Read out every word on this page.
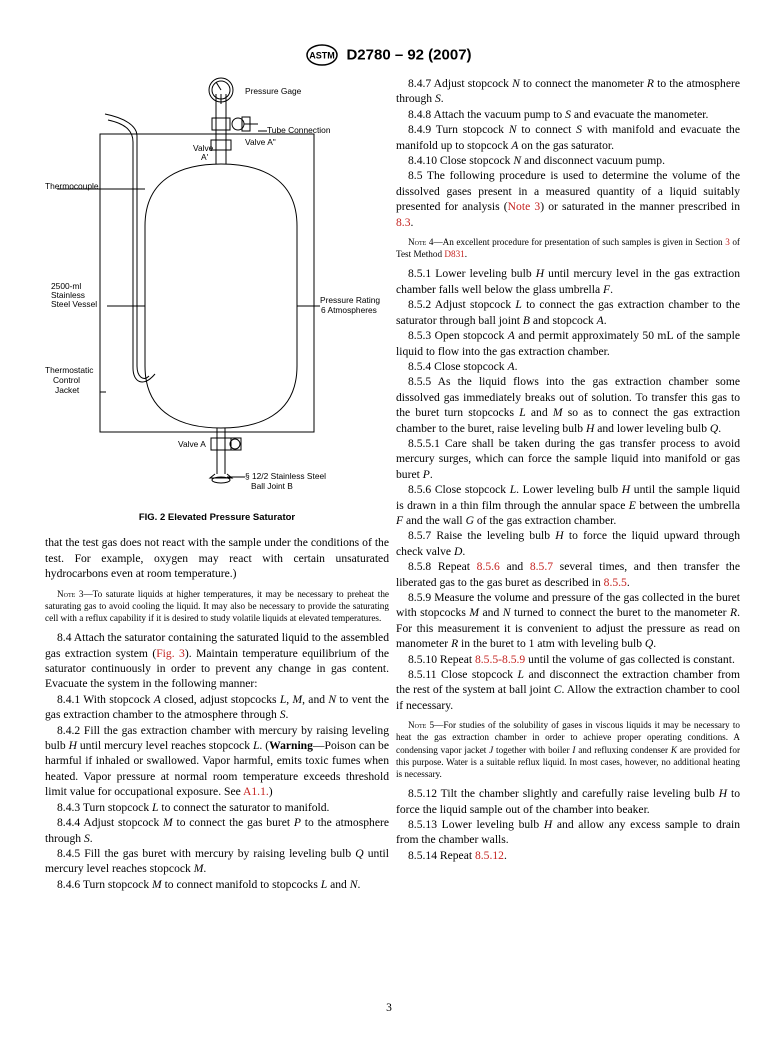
ASTM D2780 – 92 (2007)
Pressure Gage
Tube Connection
Valve A"
Valve
A'
Thermocouple
2500-ml
Stainless
Steel Vessel	Pressure Rating
6 Atmospheres
Thermostatic
Control
Jacket
Valve A
§ 12/2 Stainless Steel
Ball Joint B
FIG. 2 Elevated Pressure Saturator

that the test gas does not react with the sample under the conditions of the test. For example, oxygen may react with certain unsaturated hydrocarbons even at room temperature.)

Note 3—To saturate liquids at higher temperatures, it may be necessary to preheat the saturating gas to avoid cooling the liquid. It may also be necessary to provide the saturating cell with a reflux capability if it is desired to study volatile liquids at elevated temperatures.

8.4 Attach the saturator containing the saturated liquid to the assembled gas extraction system (Fig. 3). Maintain temperature equilibrium of the saturator continuously in order to prevent any change in gas content. Evacuate the system in the following manner:

8.4.1 With stopcock A closed, adjust stopcocks L, M, and N to vent the gas extraction chamber to the atmosphere through S.

8.4.2 Fill the gas extraction chamber with mercury by raising leveling bulb H until mercury level reaches stopcock L. (Warning—Poison can be harmful if inhaled or swallowed. Vapor harmful, emits toxic fumes when heated. Vapor pressure at normal room temperature exceeds threshold limit value for occupational exposure. See A1.1.)

8.4.3 Turn stopcock L to connect the saturator to manifold.

8.4.4 Adjust stopcock M to connect the gas buret P to the atmosphere through S.

8.4.5 Fill the gas buret with mercury by raising leveling bulb Q until mercury level reaches stopcock M.

8.4.6 Turn stopcock M to connect manifold to stopcocks L and N.

8.4.7 Adjust stopcock N to connect the manometer R to the atmosphere through S.

8.4.8 Attach the vacuum pump to S and evacuate the manometer.

8.4.9 Turn stopcock N to connect S with manifold and evacuate the manifold up to stopcock A on the gas saturator.

8.4.10 Close stopcock N and disconnect vacuum pump.

8.5 The following procedure is used to determine the volume of the dissolved gases present in a measured quantity of a liquid suitably presented for analysis (Note 3) or saturated in the manner prescribed in 8.3.

Note 4—An excellent procedure for presentation of such samples is given in Section 3 of Test Method D831.

8.5.1 Lower leveling bulb H until mercury level in the gas extraction chamber falls well below the glass umbrella F.

8.5.2 Adjust stopcock L to connect the gas extraction chamber to the saturator through ball joint B and stopcock A.

8.5.3 Open stopcock A and permit approximately 50 mL of the sample liquid to flow into the gas extraction chamber.

8.5.4 Close stopcock A.

8.5.5 As the liquid flows into the gas extraction chamber some dissolved gas immediately breaks out of solution. To transfer this gas to the buret turn stopcocks L and M so as to connect the gas extraction chamber to the buret, raise leveling bulb H and lower leveling bulb Q.

8.5.5.1 Care shall be taken during the gas transfer process to avoid mercury surges, which can force the sample liquid into manifold or gas buret P.

8.5.6 Close stopcock L. Lower leveling bulb H until the sample liquid is drawn in a thin film through the annular space E between the umbrella F and the wall G of the gas extraction chamber.

8.5.7 Raise the leveling bulb H to force the liquid upward through check valve D.

8.5.8 Repeat 8.5.6 and 8.5.7 several times, and then transfer the liberated gas to the gas buret as described in 8.5.5.

8.5.9 Measure the volume and pressure of the gas collected in the buret with stopcocks M and N turned to connect the buret to the manometer R. For this measurement it is convenient to adjust the pressure as read on manometer R in the buret to 1 atm with leveling bulb Q.

8.5.10 Repeat 8.5.5-8.5.9 until the volume of gas collected is constant.

8.5.11 Close stopcock L and disconnect the extraction chamber from the rest of the system at ball joint C. Allow the extraction chamber to cool if necessary.

Note 5—For studies of the solubility of gases in viscous liquids it may be necessary to heat the gas extraction chamber in order to achieve proper operating conditions. A condensing vapor jacket J together with boiler I and refluxing condenser K are provided for this purpose. Water is a suitable reflux liquid. In most cases, however, no additional heating is necessary.

8.5.12 Tilt the chamber slightly and carefully raise leveling bulb H to force the liquid sample out of the chamber into beaker.

8.5.13 Lower leveling bulb H and allow any excess sample to drain from the chamber walls.

8.5.14 Repeat 8.5.12.

3
